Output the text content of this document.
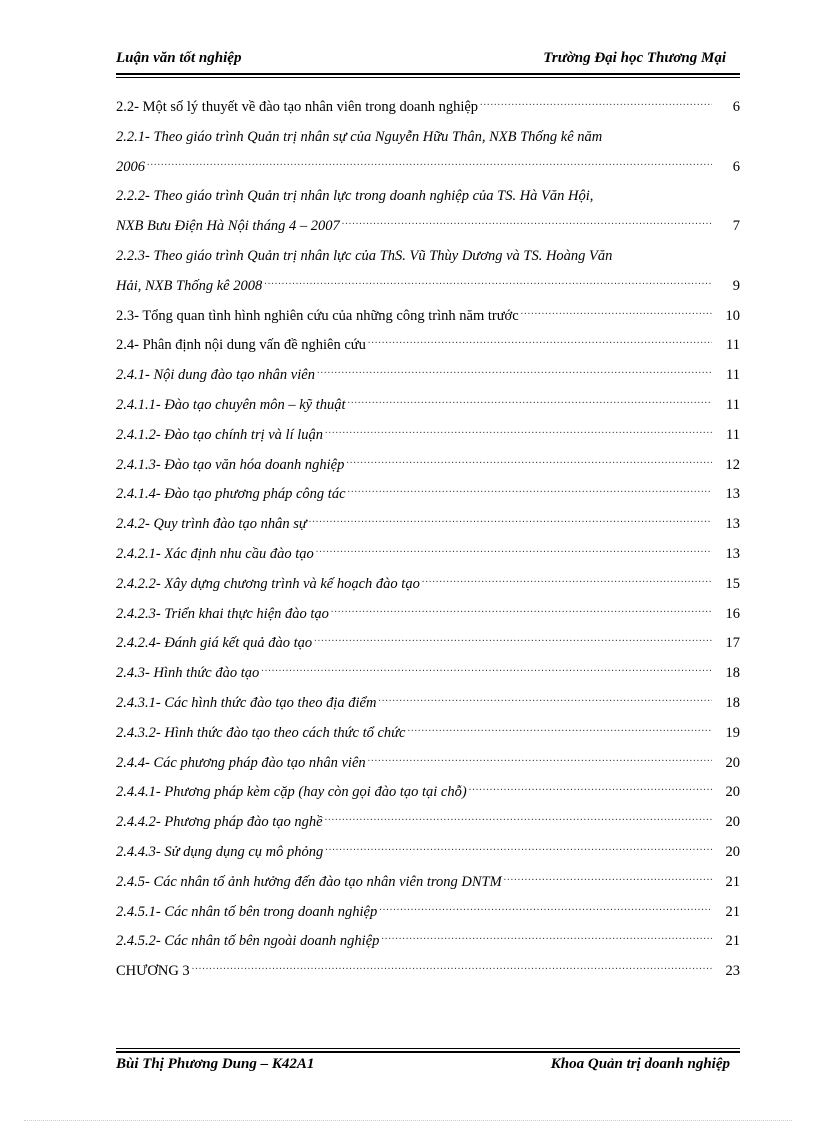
Luận văn tốt nghiệp	Trường Đại học Thương Mại
2.2- Một số lý thuyết về đào tạo nhân viên trong doanh nghiệp .....	6
2.2.1- Theo giáo trình Quản trị nhân sự của Nguyễn Hữu Thân, NXB Thống kê năm
2006 .....	6
2.2.2- Theo giáo trình Quản trị nhân lực trong doanh nghiệp của TS. Hà Văn Hội,
NXB Bưu Điện Hà Nội tháng 4 – 2007 .....	7
2.2.3- Theo giáo trình Quản trị nhân lực của ThS. Vũ Thùy Dương và TS. Hoàng Văn
Hải, NXB Thống kê 2008 .....	9
2.3- Tổng quan tình hình nghiên cứu của những công trình năm trước .....	10
2.4- Phân định nội dung vấn đề nghiên cứu .....	11
2.4.1- Nội dung đào tạo nhân viên .....	11
2.4.1.1- Đào tạo chuyên môn – kỹ thuật .....	11
2.4.1.2- Đào tạo chính trị và lí luận .....	11
2.4.1.3- Đào tạo văn hóa doanh nghiệp .....	12
2.4.1.4- Đào tạo phương pháp công tác .....	13
2.4.2- Quy trình đào tạo nhân sự .....	13
2.4.2.1- Xác định nhu cầu đào tạo .....	13
2.4.2.2- Xây dựng chương trình và kế hoạch đào tạo .....	15
2.4.2.3- Triển khai thực hiện đào tạo .....	16
2.4.2.4- Đánh giá kết quả đào tạo .....	17
2.4.3- Hình thức đào tạo .....	18
2.4.3.1- Các hình thức đào tạo theo địa điểm .....	18
2.4.3.2- Hình thức đào tạo theo cách thức tổ chức .....	19
2.4.4- Các phương pháp đào tạo nhân viên .....	20
2.4.4.1- Phương pháp kèm cặp (hay còn gọi đào tạo tại chỗ) .....	20
2.4.4.2- Phương pháp đào tạo nghề .....	20
2.4.4.3- Sử dụng dụng cụ mô phỏng .....	20
2.4.5- Các nhân tố ảnh hưởng đến đào tạo nhân viên trong DNTM .....	21
2.4.5.1- Các nhân tố bên trong doanh nghiệp .....	21
2.4.5.2- Các nhân tố bên ngoài doanh nghiệp .....	21
CHƯƠNG 3 .....	23
Bùi Thị Phương Dung – K42A1	Khoa Quản trị doanh nghiệp
